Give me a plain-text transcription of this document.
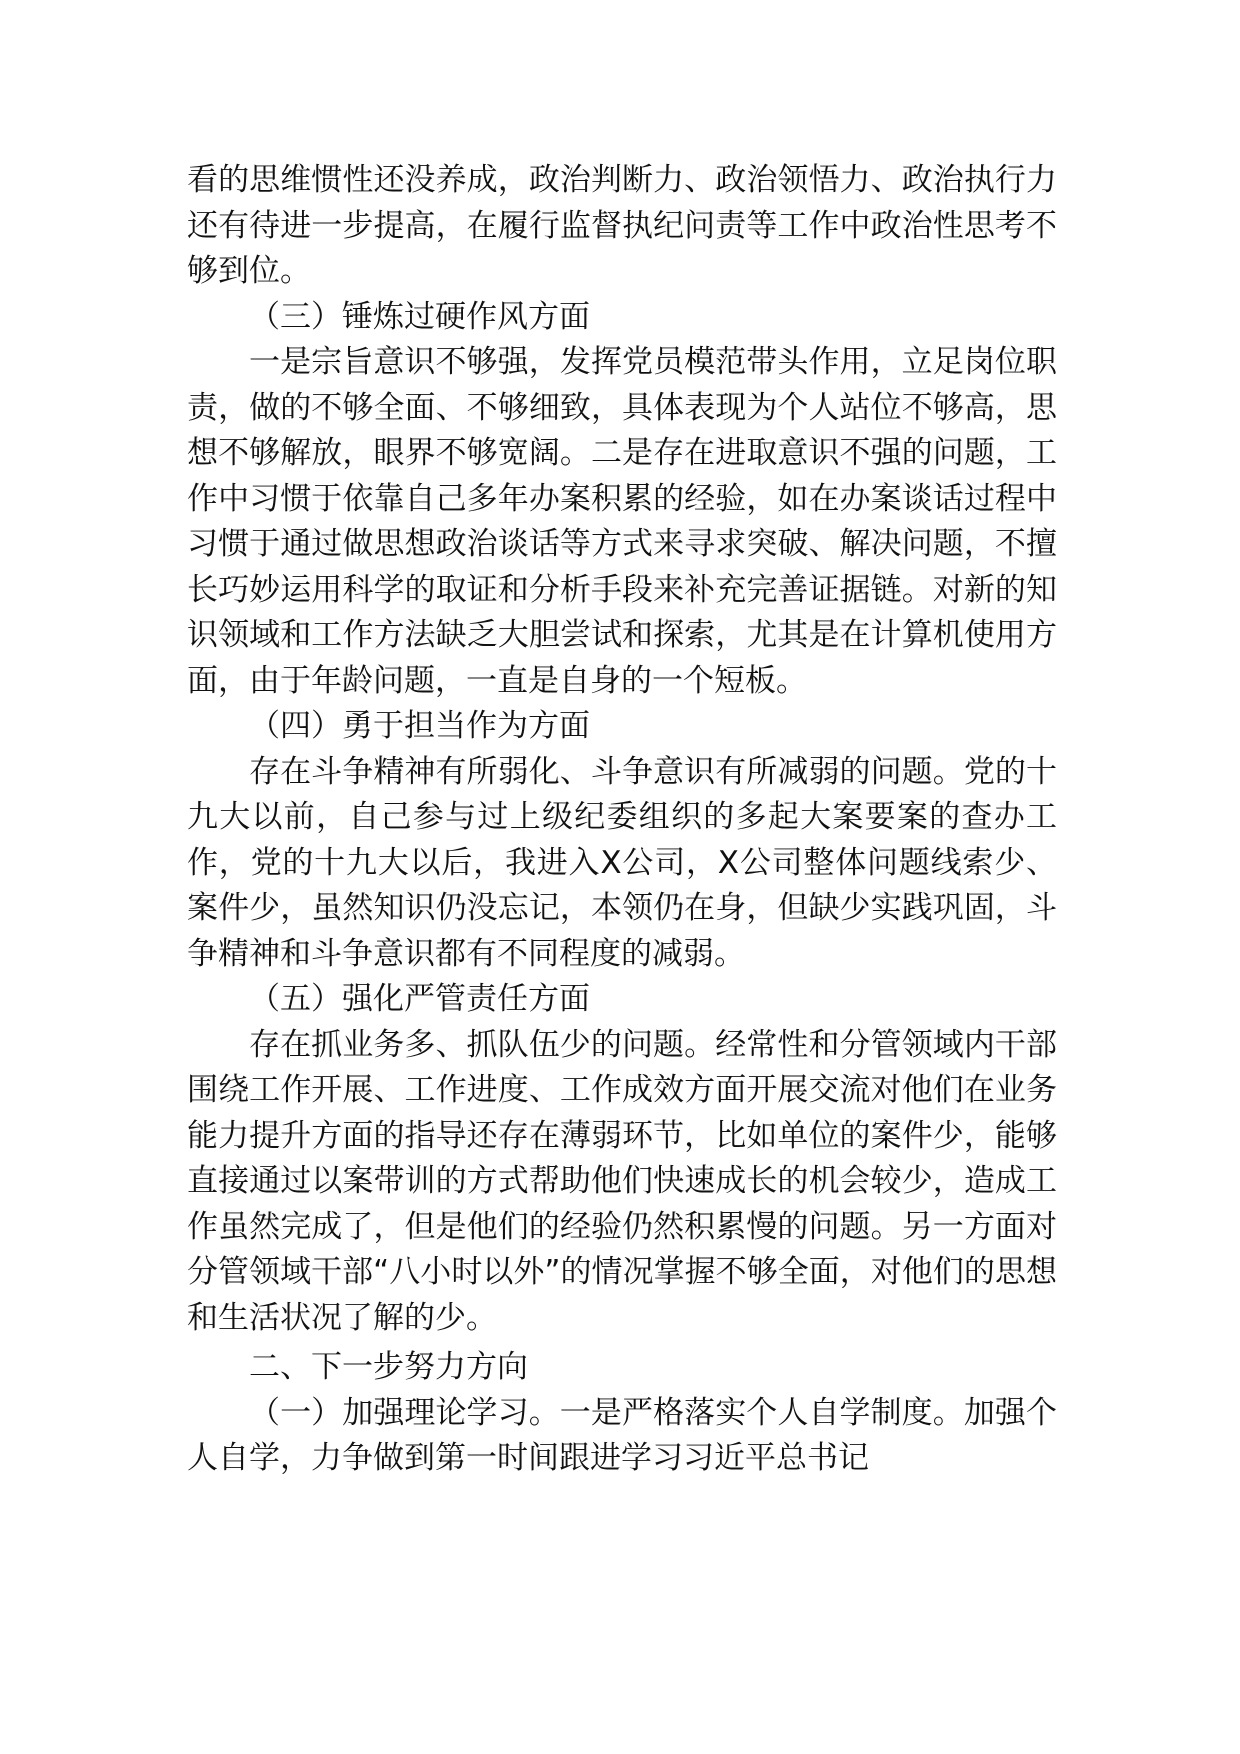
看的思维惯性还没养成，政治判断力、政治领悟力、政治执行力还有待进一步提高，在履行监督执纪问责等工作中政治性思考不够到位。

（三）锤炼过硬作风方面

一是宗旨意识不够强，发挥党员模范带头作用，立足岗位职责，做的不够全面、不够细致，具体表现为个人站位不够高，思想不够解放，眼界不够宽阔。二是存在进取意识不强的问题，工作中习惯于依靠自己多年办案积累的经验，如在办案谈话过程中习惯于通过做思想政治谈话等方式来寻求突破、解决问题，不擅长巧妙运用科学的取证和分析手段来补充完善证据链。对新的知识领域和工作方法缺乏大胆尝试和探索，尤其是在计算机使用方面，由于年龄问题，一直是自身的一个短板。

（四）勇于担当作为方面

存在斗争精神有所弱化、斗争意识有所减弱的问题。党的十九大以前，自己参与过上级纪委组织的多起大案要案的查办工作，党的十九大以后，我进入X公司，X公司整体问题线索少、案件少，虽然知识仍没忘记，本领仍在身，但缺少实践巩固，斗争精神和斗争意识都有不同程度的减弱。

（五）强化严管责任方面

存在抓业务多、抓队伍少的问题。经常性和分管领域内干部围绕工作开展、工作进度、工作成效方面开展交流对他们在业务能力提升方面的指导还存在薄弱环节，比如单位的案件少，能够直接通过以案带训的方式帮助他们快速成长的机会较少，造成工作虽然完成了，但是他们的经验仍然积累慢的问题。另一方面对分管领域干部“八小时以外”的情况掌握不够全面，对他们的思想和生活状况了解的少。

二、下一步努力方向

（一）加强理论学习。一是严格落实个人自学制度。加强个人自学，力争做到第一时间跟进学习习近平总书记
